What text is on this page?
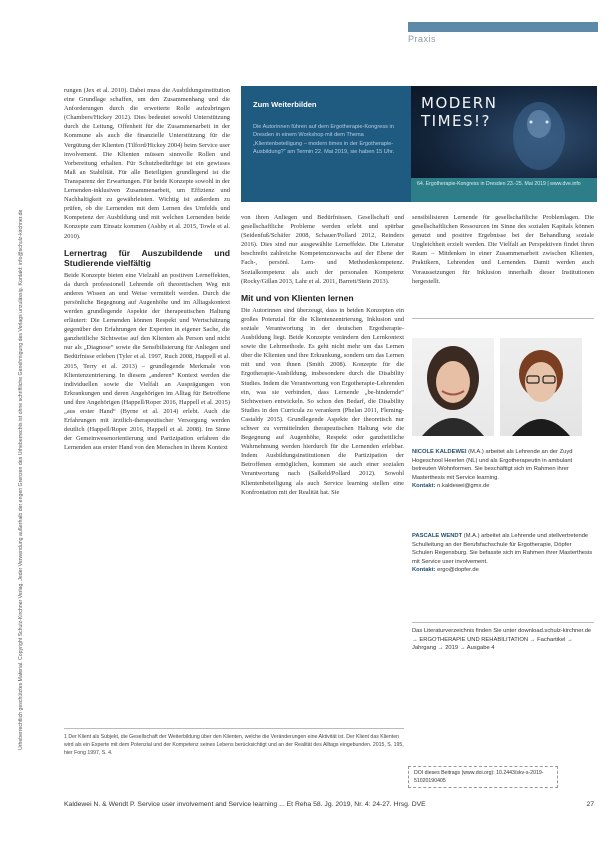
Urheberrechtlich geschütztes Material. Copyright Schulz-Kirchner Verlag. Jeder Verwendung außerhalb der engen Grenzen des Urheberrechts ist ohne schriftliche Genehmigung des Verlags unzulässig. Kontakt: info@schulz-kirchner.de
Praxis

rungen (Jex et al. 2010). Dabei muss die Ausbildungsinstitution eine Grundlage schaffen, um den Zusammenhang und die Anforderungen durch die erweiterte Rolle aufzubringen (Chambers/Hickey 2012). Dies bedeutet sowohl Unterstützung durch die Leitung, Offenheit für die Zusammenarbeit in der Kommune als auch die finanzielle Unterstützung für die Vergütung der Klienten (Tilford/Hickey 2004) beim Service user involvement. Die Klienten müssen sinnvolle Rollen und Vorbereitung erhalten. Für Schutzbedürftige ist ein gewisses Maß an Stabilität. Für alle Beteiligten grundlegend ist die Transparenz der Erwartungen. Für beide Konzepte sowohl in der Lernenden-inklusiven Zusammenarbeit, um Effizienz und Nachhaltigkeit zu gewährleisten. Wichtig ist außerdem zu prüfen, ob die Lernenden mit dem Lernen des Umfelds und Kompetenz der Ausbildung und mit welchen Lernenden beide Konzepte zum Einsatz kommen (Ashby et al. 2015, Towle et al. 2010).

Lernertrag für Auszubildende und Studierende vielfältig

Beide Konzepte bieten eine Vielzahl an positiven Lerneffekten, da durch professionell Lehrende oft theoretischen Weg mit anderes Wissen an und Weise vermittelt werden. Durch die persönliche Begegnung auf Augenhöhe und im Alltagskontext werden grundlegende Aspekte der therapeutischen Haltung erläutert: Die Lernenden können Respekt und Wertschätzung gegenüber den Erfahrungen der Experten in eigener Sache, die ganzheitliche Sichtweise auf den Klienten als Person und nicht nur als „Diagnose“ sowie die Sensibilisierung für Anliegen und Bedürfnisse erleben (Tyler et al. 1997, Ruch 2008, Happell et al. 2015, Terry et al. 2013) – grundlegende Merkmale von Klientenzentrierung. In diesem „anderen“ Kontext werden die individuellen sowie die Vielfalt an Ausprägungen von Erkrankungen und deren Angehörigen im Alltag für Betroffene und ihre Angehörigen (Happell/Roper 2016, Happell et al. 2015) „aus erster Hand“ (Byrne et al. 2014) erlebt. Auch die Erfahrungen mit ärztlich-therapeutischer Versorgung werden deutlich (Happell/Roper 2016, Happell et al. 2008). Im Sinne der Gemeinwesenorientierung und Partizipation erfahren die Lernenden aus erster Hand von den Menschen in ihrem Kontext

Zum Weiterbilden
Die Autorinnen führen auf dem Ergotherapie-Kongress in Dresden in einem Workshop mit dem Thema „Klientenbeteiligung – modern times in der Ergotherapie-Ausbildung?“ am Termin 22. Mai 2019, sie haben 15 Uhr.
MODERN
TIMES!?
64. Ergotherapie-Kongress in Dresden 23.-25. Mai 2019 | www.dve.info

von ihren Anliegen und Bedürfnissen. Gesellschaft und gesellschaftliche Probleme werden erlebt und spürbar (Seidenfuß/Schäfer 2008, Schauer/Pollard 2012, Reinders 2016). Dies sind nur ausgewählte Lerneffekte. Die Literatur beschreibt zahlreiche Kompetenzzuwachs auf der Ebene der Fach-, persönl. Lern- und Methodenkompetenz. Sozialkompetenz als auch der personalen Kompetenz (Rocky/Gillan 2013, Lahr et al. 2011, Barrett/Stein 2013).

Mit und von Klienten lernen

Die Autorinnen sind überzeugt, dass in beiden Konzepten ein großes Potenzial für die Klientenzentrierung, Inklusion und soziale Verantwortung in der deutschen Ergotherapie-Ausbildung liegt. Beide Konzepte verändern den Lernkontext sowie die Lehrmethode. Es geht nicht mehr um das Lernen über die Klienten und ihre Erkrankung, sondern um das Lernen mit und von ihnen (Smith 2008). Konzepte für die Ergotherapie-Ausbildung, insbesondere durch die Disability Studies. Indem die Verantwortung von Ergotherapie-Lehrenden ein, was sie verbinden, dass Lernende „be-hindernde“ Sichtweisen entwickeln. So schon den Bedarf, die Disability Studies in den Curricula zu verankern (Phelan 2011, Fleming-Castaldy 2015). Grundlegende Aspekte der theoretisch nur schwer zu vermittelnden therapeutischen Haltung wie die Begegnung auf Augenhöhe, Respekt oder ganzheitliche Wahrnehmung werden hierdurch für die Lernenden erlebbar. Indem Ausbildungsinstitutionen die Partizipation der Betroffenen ermöglichen, kommen sie auch einer sozialen Verantwortung nach (Salkeld/Pollard 2012). Sowohl Klientenbeteiligung als auch Service learning stellen eine Konfrontation mit der Realität hat. Sie

sensibilisieren Lernende für gesellschaftliche Problemlagen. Die gesellschaftlichen Ressourcen im Sinne des sozialen Kapitals können genutzt und positive Ergebnisse bei der Behandlung soziale Ungleichheit erzielt werden. Die Vielfalt an Perspektiven findet ihren Raum – Mitdenken in einer Zusammenarbeit zwischen Klienten, Praktikern, Lehrenden und Lernenden. Damit werden auch Voraussetzungen für Inklusion innerhalb dieser Institutionen hergestellt.

NICOLE KALDEWEI (M.A.) arbeitet als Lehrende an der Zuyd Hogeschool Heerlen (NL) und als Ergotherapeutin in ambulant betreuten Wohnformen. Sie beschäftigt sich im Rahmen ihrer Masterthesis mit Service learning.
Kontakt: n.kaldewei@gmx.de
PASCALE WENDT (M.A.) arbeitet als Lehrende und stellvertretende Schulleitung an der Berufsfachschule für Ergotherapie, Döpfer Schulen Regensburg. Sie befasste sich im Rahmen ihrer Masterthesis mit Service user involvement.
Kontakt: ergo@dopfer.de
Das Literaturverzeichnis finden Sie unter download.schulz-kirchner.de → ERGOTHERAPIE UND REHABILITATION → Fachartikel → Jahrgang → 2019 → Ausgabe 4
DOI dieses Beitrags (www.doi.org): 10.2443/skv-s-2019-51020190405
1 Der Klient als Subjekt, die Gesellschaft der Weiterbildung über den Klienten, welche die Veränderungen eine Aktivität ist. Der Klient das Klienten wird als ein Experte mit dem Potenzial und der Kompetenz seines Lebens berücksichtigt und an der Realität des Alltags eingebunden. 2015, S. 195, hier Fong 1997, S. 4.
Kaldewei N. & Wendt P. Service user involvement and Service learning ... Et Reha 58. Jg. 2019, Nr. 4: 24-27. Hrsg. DVE	27
